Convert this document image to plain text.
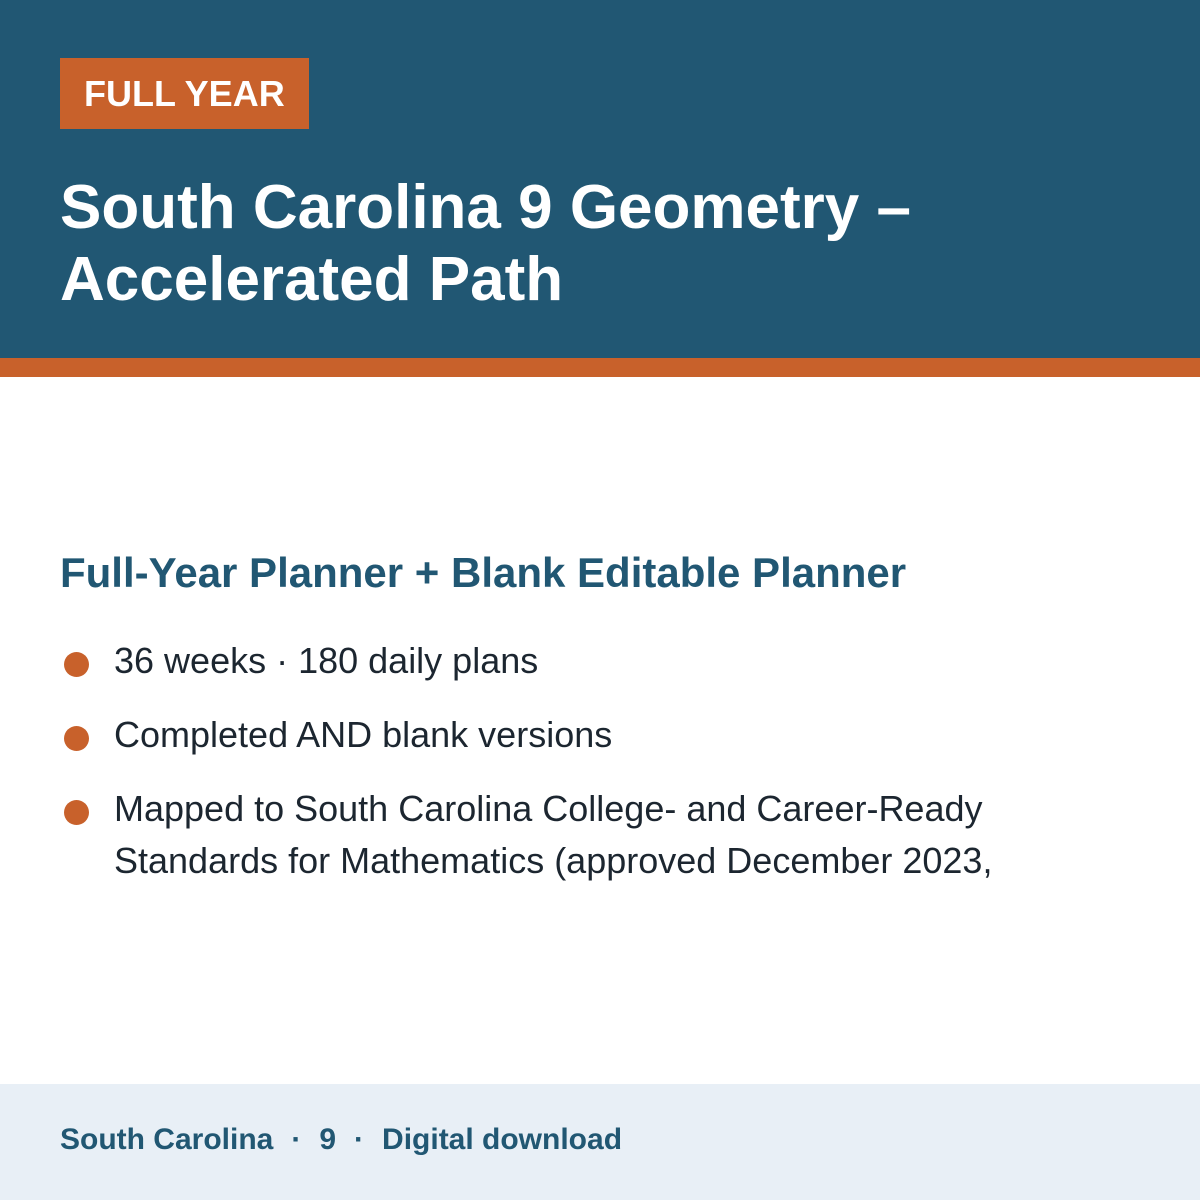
FULL YEAR
South Carolina 9 Geometry – Accelerated Path
Full-Year Planner + Blank Editable Planner
36 weeks · 180 daily plans
Completed AND blank versions
Mapped to South Carolina College- and Career-Ready Standards for Mathematics (approved December 2023,
South Carolina · 9 · Digital download
